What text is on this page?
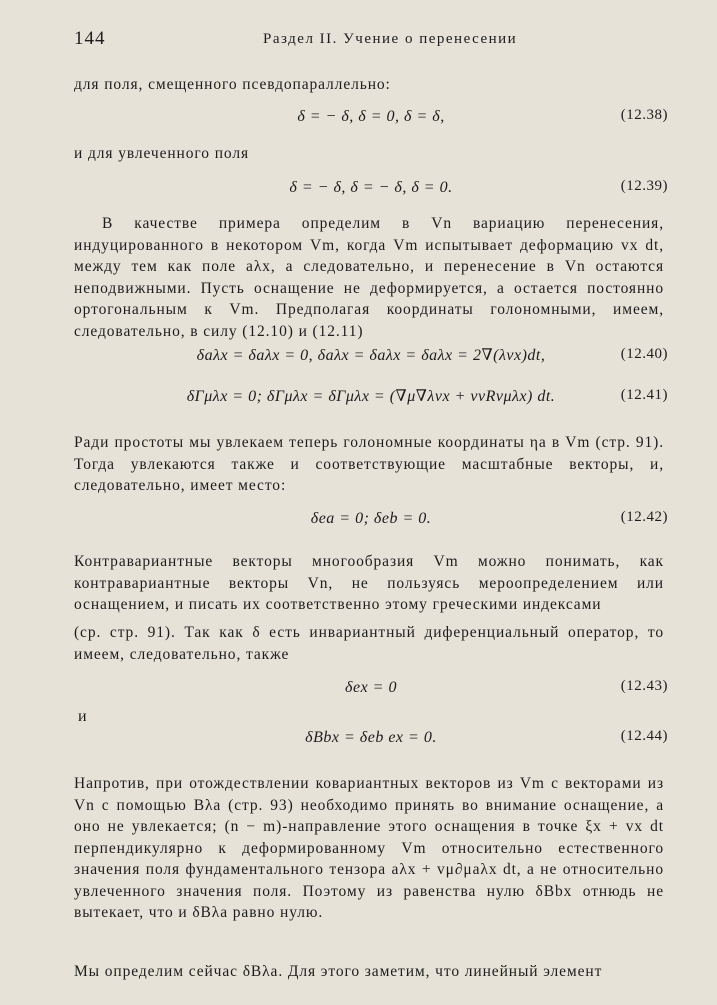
144	Раздел II. Учение о перенесении
для поля, смещенного псевдопараллельно:
δ = − δ, δ = 0, δ = δ,	(12.38)
и для увлеченного поля
δ = − δ, δ = − δ, δ = 0.	(12.39)
В качестве примера определим в Vn вариацию перенесения, индуцированного в некотором Vm, когда Vm испытывает деформацию vx dt, между тем как поле aλx, а следовательно, и перенесение в Vn остаются неподвижными. Пусть оснащение не деформируется, а остается постоянно ортогональным к Vm. Предполагая координаты голономными, имеем, следовательно, в силу (12.10) и (12.11)
δaλx = δaλx = 0, δaλx = δaλx = δaλx = 2∇(λvx)dt,	(12.40)
δΓμλx = 0; δΓμλx = δΓμλx = (∇μ∇λvx + vνRνμλx) dt.	(12.41)
Ради простоты мы увлекаем теперь голономные координаты ηa в Vm (стр. 91). Тогда увлекаются также и соответствующие масштабные векторы, и, следовательно, имеет место:
δea = 0; δeb = 0.	(12.42)
Контравариантные векторы многообразия Vm можно понимать, как контравариантные векторы Vn, не пользуясь мероопределением или оснащением, и писать их соответственно этому греческими индексами
(ср. стр. 91). Так как δ есть инвариантный диференциальный оператор, то имеем, следовательно, также
δex = 0	(12.43)
и
δBbx = δeb ex = 0.	(12.44)
Напротив, при отождествлении ковариантных векторов из Vm с векторами из Vn с помощью Bλa (стр. 93) необходимо принять во внимание оснащение, а оно не увлекается; (n − m)-направление этого оснащения в точке ξx + vx dt перпендикулярно к деформированному Vm относительно естественного значения поля фундаментального тензора aλx + vμ∂μaλx dt, а не относительно увлеченного значения поля. Поэтому из равенства нулю δBbx отнюдь не вытекает, что и δBλa равно нулю.
Мы определим сейчас δBλa. Для этого заметим, что линейный элемент
